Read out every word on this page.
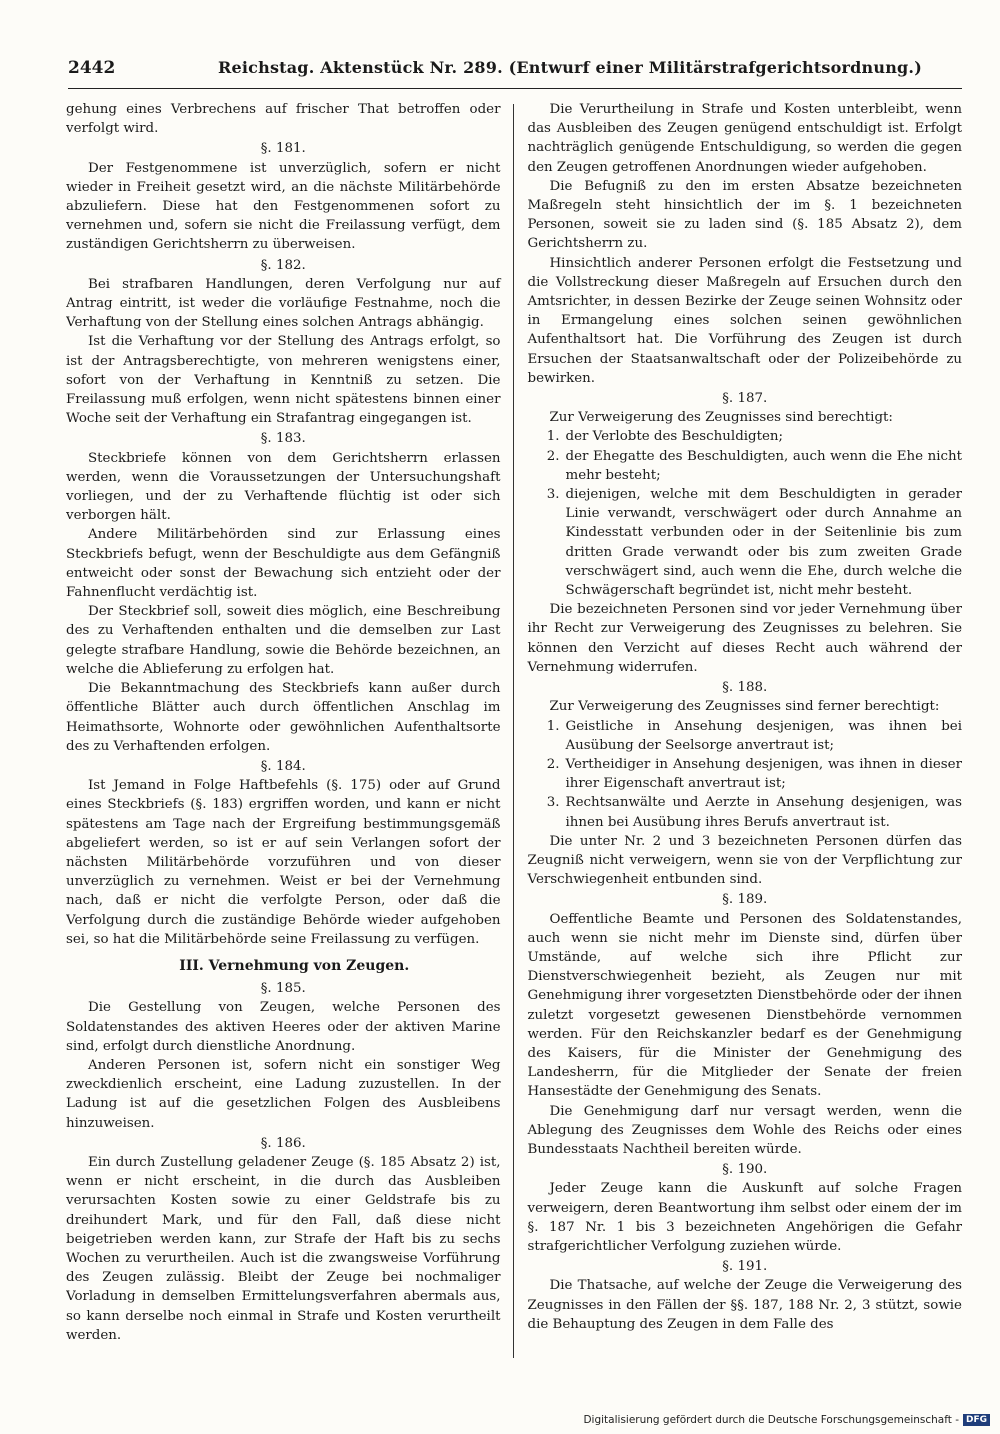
2442	Reichstag. Aktenstück Nr. 289. (Entwurf einer Militärstrafgerichtsordnung.)

gehung eines Verbrechens auf frischer That betroffen oder verfolgt wird.

§. 181.

Der Festgenommene ist unverzüglich, sofern er nicht wieder in Freiheit gesetzt wird, an die nächste Militärbehörde abzuliefern. Diese hat den Festgenommenen sofort zu vernehmen und, sofern sie nicht die Freilassung verfügt, dem zuständigen Gerichtsherrn zu überweisen.

§. 182.

Bei strafbaren Handlungen, deren Verfolgung nur auf Antrag eintritt, ist weder die vorläufige Festnahme, noch die Verhaftung von der Stellung eines solchen Antrags abhängig.

Ist die Verhaftung vor der Stellung des Antrags erfolgt, so ist der Antragsberechtigte, von mehreren wenigstens einer, sofort von der Verhaftung in Kenntniß zu setzen. Die Freilassung muß erfolgen, wenn nicht spätestens binnen einer Woche seit der Verhaftung ein Strafantrag eingegangen ist.

§. 183.

Steckbriefe können von dem Gerichtsherrn erlassen werden, wenn die Voraussetzungen der Untersuchungshaft vorliegen, und der zu Verhaftende flüchtig ist oder sich verborgen hält.

Andere Militärbehörden sind zur Erlassung eines Steckbriefs befugt, wenn der Beschuldigte aus dem Gefängniß entweicht oder sonst der Bewachung sich entzieht oder der Fahnenflucht verdächtig ist.

Der Steckbrief soll, soweit dies möglich, eine Beschreibung des zu Verhaftenden enthalten und die demselben zur Last gelegte strafbare Handlung, sowie die Behörde bezeichnen, an welche die Ablieferung zu erfolgen hat.

Die Bekanntmachung des Steckbriefs kann außer durch öffentliche Blätter auch durch öffentlichen Anschlag im Heimathsorte, Wohnorte oder gewöhnlichen Aufenthaltsorte des zu Verhaftenden erfolgen.

§. 184.

Ist Jemand in Folge Haftbefehls (§. 175) oder auf Grund eines Steckbriefs (§. 183) ergriffen worden, und kann er nicht spätestens am Tage nach der Ergreifung bestimmungsgemäß abgeliefert werden, so ist er auf sein Verlangen sofort der nächsten Militärbehörde vorzuführen und von dieser unverzüglich zu vernehmen. Weist er bei der Vernehmung nach, daß er nicht die verfolgte Person, oder daß die Verfolgung durch die zuständige Behörde wieder aufgehoben sei, so hat die Militärbehörde seine Freilassung zu verfügen.

III. Vernehmung von Zeugen.

§. 185.

Die Gestellung von Zeugen, welche Personen des Soldatenstandes des aktiven Heeres oder der aktiven Marine sind, erfolgt durch dienstliche Anordnung.

Anderen Personen ist, sofern nicht ein sonstiger Weg zweckdienlich erscheint, eine Ladung zuzustellen. In der Ladung ist auf die gesetzlichen Folgen des Ausbleibens hinzuweisen.

§. 186.

Ein durch Zustellung geladener Zeuge (§. 185 Absatz 2) ist, wenn er nicht erscheint, in die durch das Ausbleiben verursachten Kosten sowie zu einer Geldstrafe bis zu dreihundert Mark, und für den Fall, daß diese nicht beigetrieben werden kann, zur Strafe der Haft bis zu sechs Wochen zu verurtheilen. Auch ist die zwangsweise Vorführung des Zeugen zulässig. Bleibt der Zeuge bei nochmaliger Vorladung in demselben Ermittelungsverfahren abermals aus, so kann derselbe noch einmal in Strafe und Kosten verurtheilt werden.

Die Verurtheilung in Strafe und Kosten unterbleibt, wenn das Ausbleiben des Zeugen genügend entschuldigt ist. Erfolgt nachträglich genügende Entschuldigung, so werden die gegen den Zeugen getroffenen Anordnungen wieder aufgehoben.

Die Befugniß zu den im ersten Absatze bezeichneten Maßregeln steht hinsichtlich der im §. 1 bezeichneten Personen, soweit sie zu laden sind (§. 185 Absatz 2), dem Gerichtsherrn zu.

Hinsichtlich anderer Personen erfolgt die Festsetzung und die Vollstreckung dieser Maßregeln auf Ersuchen durch den Amtsrichter, in dessen Bezirke der Zeuge seinen Wohnsitz oder in Ermangelung eines solchen seinen gewöhnlichen Aufenthaltsort hat. Die Vorführung des Zeugen ist durch Ersuchen der Staatsanwaltschaft oder der Polizeibehörde zu bewirken.

§. 187.

Zur Verweigerung des Zeugnisses sind berechtigt:

1. der Verlobte des Beschuldigten;
2. der Ehegatte des Beschuldigten, auch wenn die Ehe nicht mehr besteht;
3. diejenigen, welche mit dem Beschuldigten in gerader Linie verwandt, verschwägert oder durch Annahme an Kindesstatt verbunden oder in der Seitenlinie bis zum dritten Grade verwandt oder bis zum zweiten Grade verschwägert sind, auch wenn die Ehe, durch welche die Schwägerschaft begründet ist, nicht mehr besteht.

Die bezeichneten Personen sind vor jeder Vernehmung über ihr Recht zur Verweigerung des Zeugnisses zu belehren. Sie können den Verzicht auf dieses Recht auch während der Vernehmung widerrufen.

§. 188.

Zur Verweigerung des Zeugnisses sind ferner berechtigt:

1. Geistliche in Ansehung desjenigen, was ihnen bei Ausübung der Seelsorge anvertraut ist;
2. Vertheidiger in Ansehung desjenigen, was ihnen in dieser ihrer Eigenschaft anvertraut ist;
3. Rechtsanwälte und Aerzte in Ansehung desjenigen, was ihnen bei Ausübung ihres Berufs anvertraut ist.

Die unter Nr. 2 und 3 bezeichneten Personen dürfen das Zeugniß nicht verweigern, wenn sie von der Verpflichtung zur Verschwiegenheit entbunden sind.

§. 189.

Oeffentliche Beamte und Personen des Soldatenstandes, auch wenn sie nicht mehr im Dienste sind, dürfen über Umstände, auf welche sich ihre Pflicht zur Dienstverschwiegenheit bezieht, als Zeugen nur mit Genehmigung ihrer vorgesetzten Dienstbehörde oder der ihnen zuletzt vorgesetzt gewesenen Dienstbehörde vernommen werden. Für den Reichskanzler bedarf es der Genehmigung des Kaisers, für die Minister der Genehmigung des Landesherrn, für die Mitglieder der Senate der freien Hansestädte der Genehmigung des Senats.

Die Genehmigung darf nur versagt werden, wenn die Ablegung des Zeugnisses dem Wohle des Reichs oder eines Bundesstaats Nachtheil bereiten würde.

§. 190.

Jeder Zeuge kann die Auskunft auf solche Fragen verweigern, deren Beantwortung ihm selbst oder einem der im §. 187 Nr. 1 bis 3 bezeichneten Angehörigen die Gefahr strafgerichtlicher Verfolgung zuziehen würde.

§. 191.

Die Thatsache, auf welche der Zeuge die Verweigerung des Zeugnisses in den Fällen der §§. 187, 188 Nr. 2, 3 stützt, sowie die Behauptung des Zeugen in dem Falle des

Digitalisierung gefördert durch die Deutsche Forschungsgemeinschaft - DFG
